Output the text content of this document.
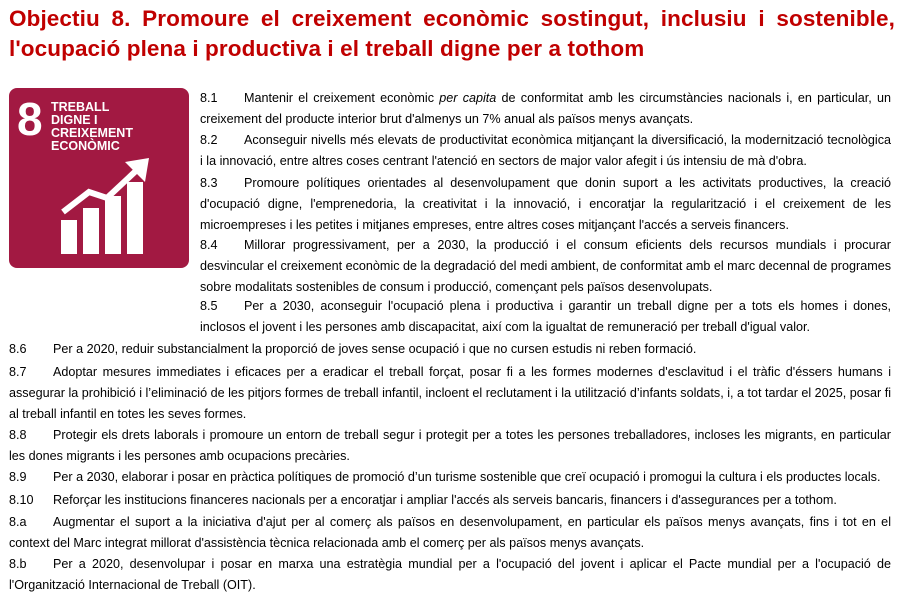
Objectiu 8. Promoure el creixement econòmic sostingut, inclusiu i sostenible, l'ocupació plena i productiva i el treball digne per a tothom
8 TREBALL
DIGNE I
CREIXEMENT
ECONÒMIC

8.1 Mantenir el creixement econòmic per capita de conformitat amb les circumstàncies nacionals i, en particular, un creixement del producte interior brut d'almenys un 7% anual als països menys avançats.

8.2 Aconseguir nivells més elevats de productivitat econòmica mitjançant la diversificació, la modernització tecnològica i la innovació, entre altres coses centrant l'atenció en sectors de major valor afegit i ús intensiu de mà d'obra.

8.3 Promoure polítiques orientades al desenvolupament que donin suport a les activitats productives, la creació d'ocupació digne, l'emprenedoria, la creativitat i la innovació, i encoratjar la regularització i el creixement de les microempreses i les petites i mitjanes empreses, entre altres coses mitjançant l'accés a serveis financers.

8.4 Millorar progressivament, per a 2030, la producció i el consum eficients dels recursos mundials i procurar desvincular el creixement econòmic de la degradació del medi ambient, de conformitat amb el marc decennal de programes sobre modalitats sostenibles de consum i producció, començant pels països desenvolupats.

8.5 Per a 2030, aconseguir l'ocupació plena i productiva i garantir un treball digne per a tots els homes i dones, inclosos el jovent i les persones amb discapacitat, així com la igualtat de remuneració per treball d'igual valor.

8.6 Per a 2020, reduir substancialment la proporció de joves sense ocupació i que no cursen estudis ni reben formació.

8.7 Adoptar mesures immediates i eficaces per a eradicar el treball forçat, posar fi a les formes modernes d'esclavitud i el tràfic d'éssers humans i assegurar la prohibició i l’eliminació de les pitjors formes de treball infantil, incloent el reclutament i la utilització d’infants soldats, i, a tot tardar el 2025, posar fi al treball infantil en totes les seves formes.

8.8 Protegir els drets laborals i promoure un entorn de treball segur i protegit per a totes les persones treballadores, incloses les migrants, en particular les dones migrants i les persones amb ocupacions precàries.

8.9 Per a 2030, elaborar i posar en pràctica polítiques de promoció d’un turisme sostenible que creï ocupació i promogui la cultura i els productes locals.

8.10 Reforçar les institucions financeres nacionals per a encoratjar i ampliar l'accés als serveis bancaris, financers i d'assegurances per a tothom.

8.a Augmentar el suport a la iniciativa d'ajut per al comerç als països en desenvolupament, en particular els països menys avançats, fins i tot en el context del Marc integrat millorat d'assistència tècnica relacionada amb el comerç per als països menys avançats.

8.b Per a 2020, desenvolupar i posar en marxa una estratègia mundial per a l'ocupació del jovent i aplicar el Pacte mundial per a l'ocupació de l'Organització Internacional de Treball (OIT).
